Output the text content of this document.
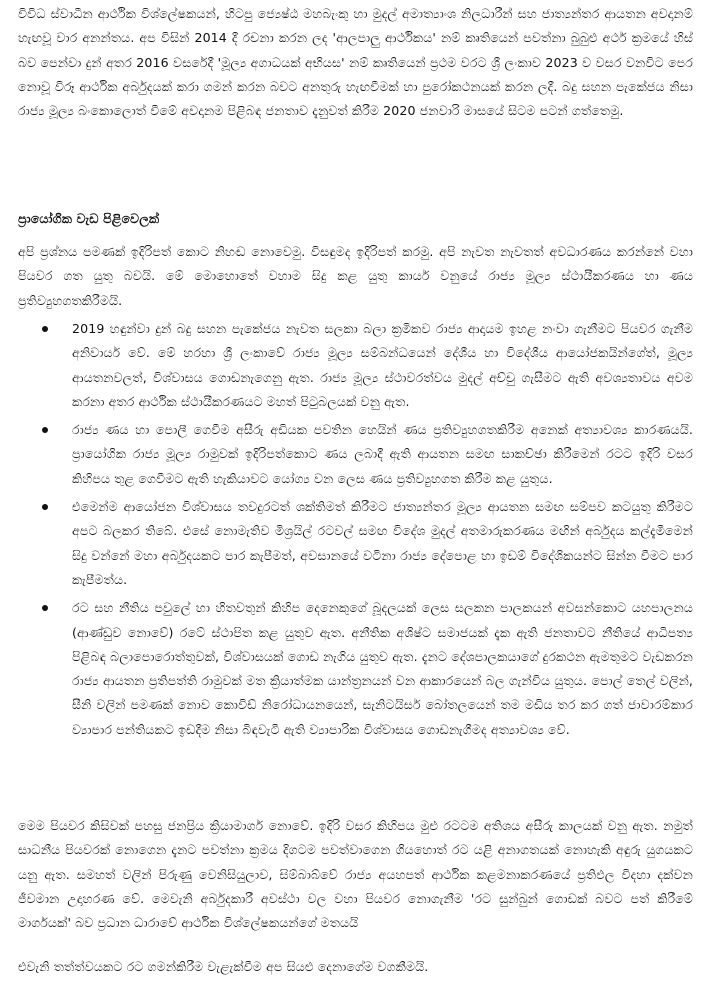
විවිධ ස්වාධීන ආර්ථික විශ්ලේෂකයන්, හිටපු ජ්‍යෙෂ්ඨ මහබැංකු හා මුදල් අමාත්‍යාංශ නිලධාරීන් සහ ජාත්‍යන්තර ආයතන අවදානම් හැඟවූ වාර අනන්තය. අප විසින් 2014 දී රචනා කරන ලද 'ආලපාලු ආර්ථිකය' නම් කෘතියෙන් පවත්නා බුබුළු අර්ථ ක්‍රමයේ හිස් බව පෙන්වා දුන් අතර 2016 වසරේදී 'මූල්‍ය අගාධයක් අභියස' නම් කෘතියෙන් ප්‍රථම වරට ශ්‍රී ලංකාව 2023 ව වසර වනවිට පෙර නොවූ විරූ ආර්ථික අර්බුදයක් කරා ගමන් කරන බවට අනතුරු හැඟවීමක් හා පුරෝකථනයක් කරන ලදී. බදු සහන පැකේජය නිසා රාජ්‍ය මූල්‍ය බංකොලොත් වීමේ අවදානම පිළිබඳ ජනතාව දැනුවත් කිරීම 2020 ජනවාරි මාසයේ සිටම පටන් ගත්තෙමු.

ප්‍රායෝගික වැඩ පිළිවෙලක්

අපි ප්‍රශ්නය පමණක් ඉදිරිපත් කොට නිහඬ නොවෙමු. විසඳුමද ඉදිරිපත් කරමු. අපි නැවත නැවතත් අවධාරණය කරන්නේ වහා පියවර ගත යුතු බවයි. මේ මොහොතේ වහාම සිදු කළ යුතු කාර්ය වනුයේ රාජ්‍ය මූල්‍ය ස්ථායීකරණය හා ණය ප්‍රතිව්‍යුහගතකිරීමයි.

2019 හඳුන්වා දුන් බදු සහන පැකේජය නැවත සලකා බලා ක්‍රමිකව රාජ්‍ය ආදායම ඉහළ නංවා ගැනීමට පියවර ගැනීම අනිවාර්ය වේ. මේ හරහා ශ්‍රී ලංකාවේ රාජ්‍ය මූල්‍ය සම්බන්ධයෙන් දේශීය හා විදේශීය ආයෝජකයින්ගේත්, මූල්‍ය ආයතනවලත්, විශ්වාසය ගොඩනැගෙනු ඇත. රාජ්‍ය මූල්‍ය ස්ථාවරත්වය මුදල් අච්චු ගැසීමට ඇති අවශ්‍යතාවය අවම කරනා අතර ආර්ථික ස්ථායීකරණයට මහත් පිටුබලයක් වනු ඇත.

රාජ්‍ය ණය හා පොලී ගෙවීම අසීරු අඩියක පවතින හෙයින් ණය ප්‍රතිව්‍යුහගතකිරීම අනෙක් අත්‍යාවශ්‍ය කාරණයයි. ප්‍රායෝගික රාජ්‍ය මූල්‍ය රාමුවක් ඉදිරිපත්කොට ණය ලබාදී ඇති ආයතන සමඟ සාකච්ඡා කිරීමෙන් රටට ඉදිරි වසර කිහිපය තුළ ගෙවීමට ඇති හැකියාවට යෝග්‍ය වන ලෙස ණය ප්‍රතිව්‍යුහගත කිරීම කළ යුතුය.

එමෙන්ම ආයෝජන විශ්වාසය තවදුරටත් ශක්තිමත් කිරීමට ජාත්‍යන්තර මූල්‍ය ආයතන සමඟ සම්පව කටයුතු කිරීමට අපට බලකර තිබේ. එසේ නොමැතිව මිශ්‍රයිල් රටවල් සමඟ විදේශ මුදල් අතමාරුකරණය මඟින් අර්බුදය කල්දැමීමෙන් සිදු වන්නේ මහා අර්බුදයකට පාර කැපීමත්, අවසානයේ වටිනා රාජ්‍ය දේපොළ හා ඉඩම් විදේශිකයන්ට සින්න වීමට පාර කැපීමත්ය.

රට සහ නීතිය පවුලේ හා හිතවතුන් කිහිප දෙනෙකුගේ බූදලයක් ලෙස සලකන පාලකයන් අවසන්කොට යහපාලනය (ආණ්ඩුව නොවේ) රටේ ස්ථාපිත කළ යුතුව ඇත. අනීතික අශිෂ්ට සමාජයක් දැක ඇති ජනතාවට නීතියේ ආධිපත්‍ය පිළිබඳ බලාපොරොත්තුවක්, විශ්වාසයක් ගොඩ නැගිය යුතුව ඇත. දැනට දේශපාලකයාගේ දුරකථන ඇමතුමට වැඩකරන රාජ්‍ය ආයතන ප්‍රතිපත්ති රාමුවක් මත ක්‍රියාත්මක යාන්ත්‍රනයන් වන ආකාරයෙන් බල ගැන්විය යුතුය. පොල් තෙල් වලින්, සීනි වලින් පමණක් නොව කොවිඩ් නිරෝධායනයෙන්, සැනිටයිසර් බෝතලයෙන් තම මඩිය තර කර ගත් ජාවාරම්කාර ව්‍යාපාර පන්තියකට ඉඩදීම නිසා බිඳවැටී ඇති ව්‍යාපාරික විශ්වාසය ගොඩනැගීමද අත්‍යාවශ්‍ය වේ.

මෙම පියවර කිසිවක් පහසු ජනප්‍රිය ක්‍රියාමාර්ග නොවේ. ඉදිරි වසර කිහිපය මුළු රටටම අතිශය අසීරු කාලයක් වනු ඇත. නමුත් සාධනීය පියවරක් නොගෙන දැනට පවත්නා ක්‍රමය දිගටම පවත්වාගෙන ගියහොත් රට යළි අනාගතයක් නොහැකි අඳුරු යුගයකට යනු ඇත. සමහත් වලින් පිරුණු වෙනිසියුලාව, සිම්බාබ්වේ රාජ්‍ය අයහපත් ආර්ථික කළමනාකරණයේ ප්‍රතිඵල විදහා දක්වන ජීවමාන උදාහරණ වේ. මෙවැනි අර්බුදකාරී අවස්ථා වල වහා පියවර නොගැනීම 'රට සුන්බුන් ගොඩක් බවට පත් කිරීමේ මාර්ගයක්' බව ප්‍රධාන ධාරාවේ ආර්ථික විශ්ලේෂකයන්ගේ මතයයි

එවැනි තත්ත්වයකට රට ගමන්කිරීම වැළැක්වීම අප සියළු දෙනාගේම වගකීමයි.
